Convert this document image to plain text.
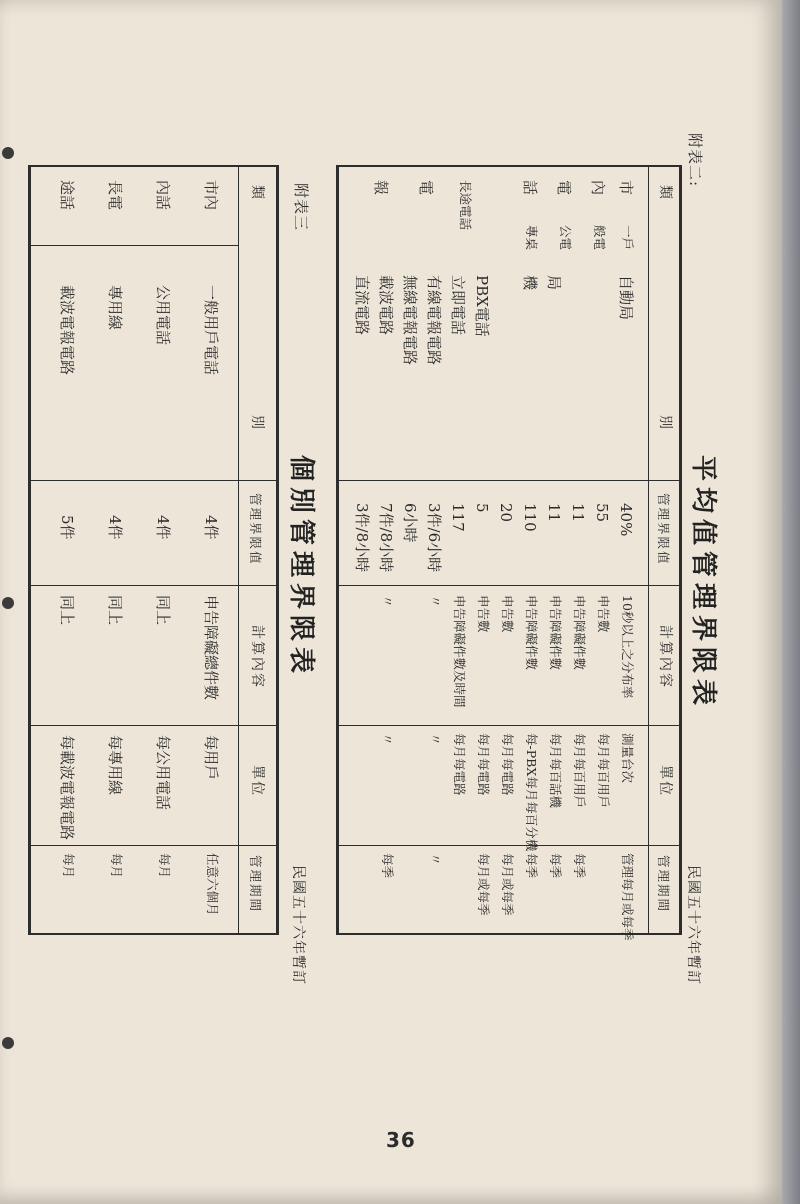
附表二:
平均值管理界限表
民國五十六年暫訂
類
別
管理界限值
計算內容
單位
管理期間
市
內
電
話
長途電話
電
報
一戶
般電
公電
專桌
自動局
40%
10秒以上之分布率
測量台次
管理每月或每季
55
申告數
每月每百用戶
11
申告障礙件數
每月每百用戶
每季
局
11
申告障礙件數
每月每百話機
每季
機
110
申告障礙件數
每-PBX每月每百分機
每季
20
申告數
每月每電路
每月或每季
PBX電話
5
申告數
每月每電路
每月或每季
立即電話
117
申告障礙件數及時間
每月每電路
有線電報電路
3件/6小時
〃
〃
〃
無線電報電路
6小時
載波電路
7件/8小時
〃
〃
每季
直流電路
3件/8小時
附表三
個別管理界限表
民國五十六年暫訂
類
別
管理界限值
計算內容
單位
管理期間
市內
一般用戶電話
4件
申告障礙總件數
每用戶
任意六個月
內話
公用電話
4件
同上
每公用電話
每月
長電
專用線
4件
同上
每專用線
每月
途話
載波電報電路
5件
同上
每載波電報電路
每月
36
